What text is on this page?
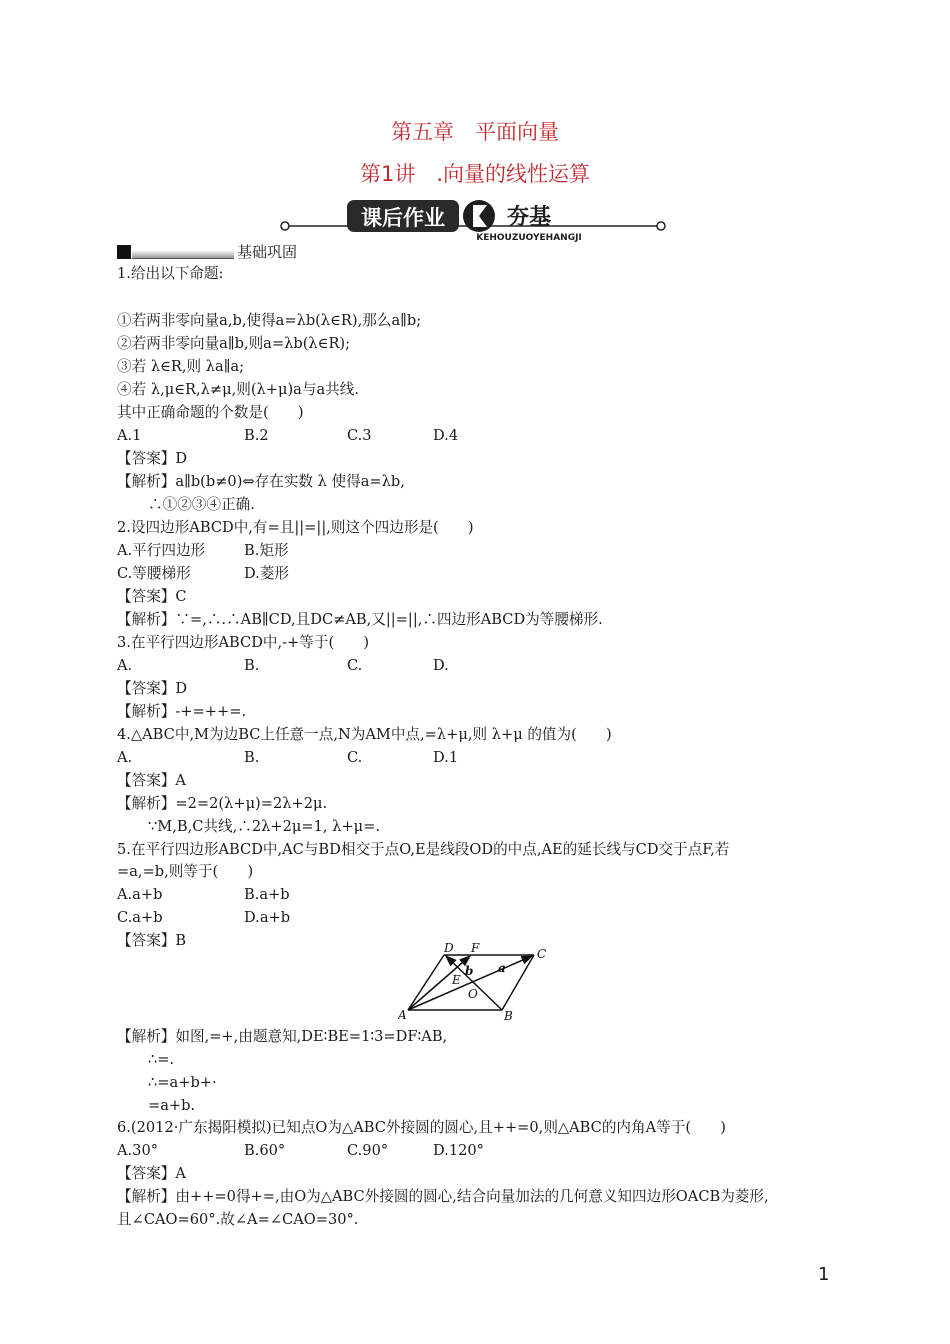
第五章　平面向量
第1讲　.向量的线性运算
课后作业	夯基
KEHOUZUOYEHANGJI
基础巩固
1.给出以下命题:
①若两非零向量a,b,使得a=λb(λ∈R),那么a∥b;
②若两非零向量a∥b,则a=λb(λ∈R);
③若 λ∈R,则 λa∥a;
④若 λ,μ∈R,λ≠μ,则(λ+μ)a与a共线.
其中正确命题的个数是(　　)
A.1	B.2	C.3	D.4
【答案】D
【解析】a∥b(b≠0)⇔存在实数 λ 使得a=λb,
∴①②③④正确.
2.设四边形ABCD中,有=且||=||,则这个四边形是(　　)
A.平行四边形	B.矩形
C.等腰梯形	D.菱形
【答案】C
【解析】∵=,∴.∴AB∥CD,且DC≠AB,又||=||,∴四边形ABCD为等腰梯形.
3.在平行四边形ABCD中,-+等于(　　)
A.	B.	C.	D.
【答案】D
【解析】-+=++=.
4.△ABC中,M为边BC上任意一点,N为AM中点,=λ+μ,则 λ+μ 的值为(　　)
A.	B.	C.	D.1
【答案】A
【解析】=2=2(λ+μ)=2λ+2μ.
∵M,B,C共线,∴2λ+2μ=1, λ+μ=.
5.在平行四边形ABCD中,AC与BD相交于点O,E是线段OD的中点,AE的延长线与CD交于点F,若
=a,=b,则等于(　　)
A.a+b	B.a+b
C.a+b	D.a+b
【答案】B
【解析】如图,=+,由题意知,DE∶BE=1∶3=DF∶AB,
∴=.
∴=a+b+·
=a+b.
6.(2012·广东揭阳模拟)已知点O为△ABC外接圆的圆心,且++=0,则△ABC的内角A等于(　　)
A.30°	B.60°	C.90°	D.120°
【答案】A
【解析】由++=0得+=,由O为△ABC外接圆的圆心,结合向量加法的几何意义知四边形OACB为菱形,
且∠CAO=60°.故∠A=∠CAO=30°.
A	B
C
D F
E
O
a
b
1
